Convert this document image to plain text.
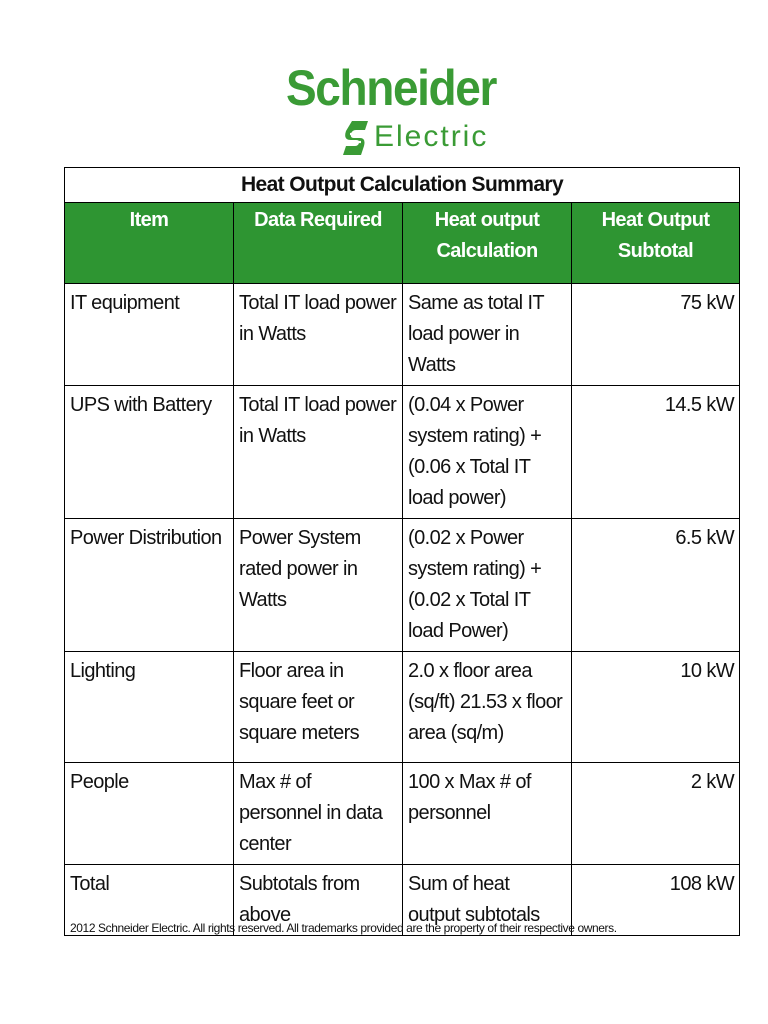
Schneider
Electric
Heat Output Calculation Summary			
Item	Data Required	Heat output Calculation	Heat Output Subtotal
IT equipment	Total IT load power in Watts	Same as total IT load power in Watts	75 kW
UPS with Battery	Total IT load power in Watts	(0.04 x Power system rating) + (0.06 x Total IT load power)	14.5 kW
Power Distribution	Power System rated power in Watts	(0.02 x Power system rating) + (0.02 x Total IT load Power)	6.5 kW
Lighting	Floor area in square feet or square meters	2.0 x floor area (sq/ft) 21.53 x floor area (sq/m)	10 kW
People	Max # of personnel in data center	100 x Max # of personnel	2 kW
Total	Subtotals from above	Sum of heat output subtotals	108 kW
2012 Schneider Electric. All rights reserved. All trademarks provided are the property of their respective owners.
